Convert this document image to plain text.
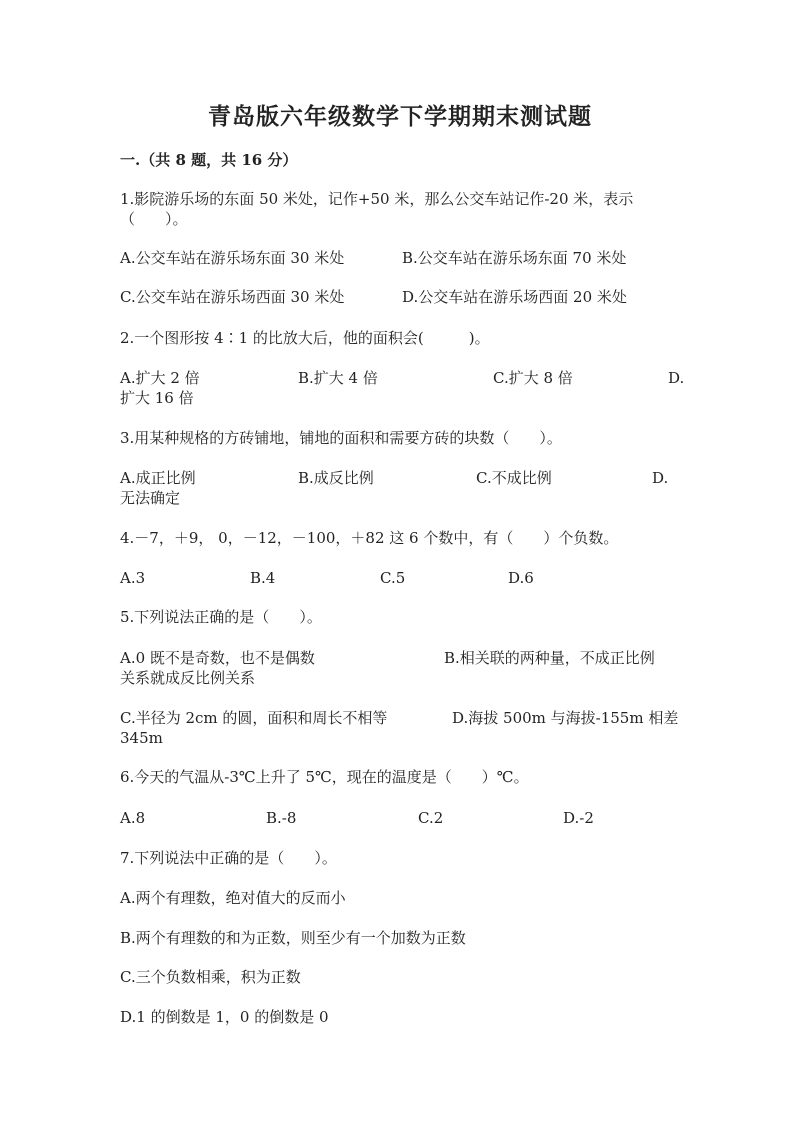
青岛版六年级数学下学期期末测试题
一.（共 8 题，共 16 分）
1.影院游乐场的东面 50 米处，记作+50 米，那么公交车站记作-20 米，表示
（　　）。
A.公交车站在游乐场东面 30 米处	B.公交车站在游乐场东面 70 米处
C.公交车站在游乐场西面 30 米处	D.公交车站在游乐场西面 20 米处
2.一个图形按 4∶1 的比放大后，他的面积会(　　　)。
A.扩大 2 倍	B.扩大 4 倍	C.扩大 8 倍	D.
扩大 16 倍
3.用某种规格的方砖铺地，铺地的面积和需要方砖的块数（　　）。
A.成正比例	B.成反比例	C.不成比例	D.
无法确定
4.－7，＋9， 0，－12，－100，＋82 这 6 个数中，有（　　）个负数。
A.3	B.4	C.5	D.6
5.下列说法正确的是（　　）。
A.0 既不是奇数，也不是偶数	B.相关联的两种量，不成正比例
关系就成反比例关系
C.半径为 2cm 的圆，面积和周长不相等	D.海拔 500m 与海拔-155m 相差
345m
6.今天的气温从-3℃上升了 5℃，现在的温度是（　　）℃。
A.8	B.-8	C.2	D.-2
7.下列说法中正确的是（　　）。
A.两个有理数，绝对值大的反而小
B.两个有理数的和为正数，则至少有一个加数为正数
C.三个负数相乘，积为正数
D.1 的倒数是 1，0 的倒数是 0
